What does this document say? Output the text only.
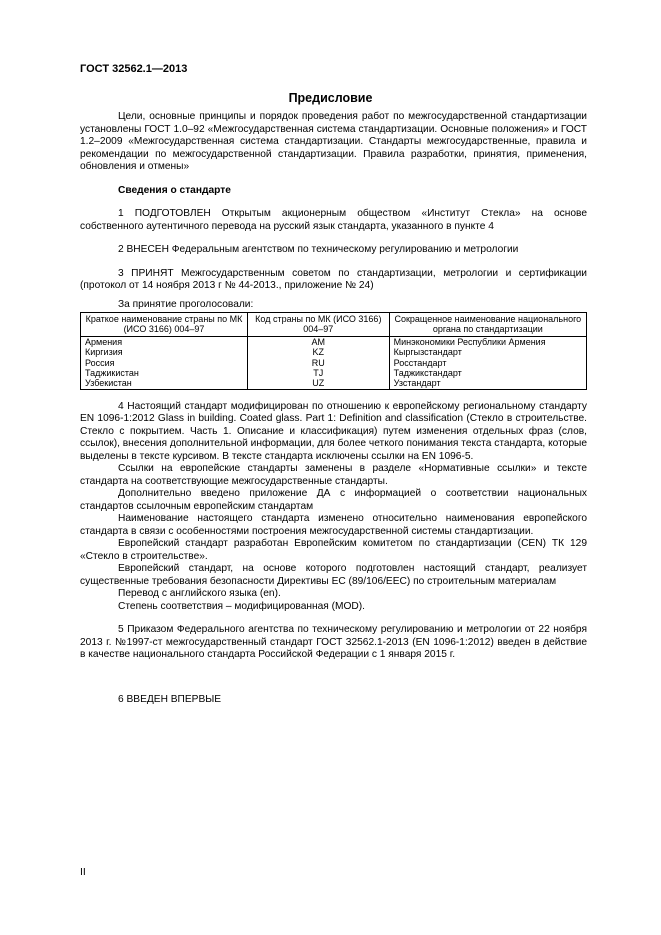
ГОСТ 32562.1—2013
Предисловие

Цели, основные принципы и порядок проведения работ по межгосударственной стандартизации установлены ГОСТ 1.0–92 «Межгосударственная система стандартизации. Основные положения» и ГОСТ 1.2–2009 «Межгосударственная система стандартизации. Стандарты межгосударственные, правила и рекомендации по межгосударственной стандартизации. Правила разработки, принятия, применения, обновления и отмены»

Сведения о стандарте

1 ПОДГОТОВЛЕН Открытым акционерным обществом «Институт Стекла» на основе собственного аутентичного перевода на русский язык стандарта, указанного в пункте 4

2 ВНЕСЕН Федеральным агентством по техническому регулированию и метрологии

3 ПРИНЯТ Межгосударственным советом по стандартизации, метрологии и сертификации (протокол от 14 ноября 2013 г № 44-2013., приложение № 24)

За принятие проголосовали:
Краткое наименование страны по МК (ИСО 3166) 004–97	Код страны по МК (ИСО 3166) 004–97	Сокращенное наименование национального органа по стандартизации
Армения	AM	Минэкономики Республики Армения
Киргизия	KZ	Кыргызстандарт
Россия	RU	Росстандарт
Таджикистан	TJ	Таджикстандарт
Узбекистан	UZ	Узстандарт

4 Настоящий стандарт модифицирован по отношению к европейскому региональному стандарту EN 1096-1:2012 Glass in building. Coated glass. Part 1: Definition and classification (Стекло в строительстве. Стекло с покрытием. Часть 1. Описание и классификация) путем изменения отдельных фраз (слов, ссылок), внесения дополнительной информации, для более четкого понимания текста стандарта, которые выделены в тексте курсивом. В тексте стандарта исключены ссылки на EN 1096-5.

Ссылки на европейские стандарты заменены в разделе «Нормативные ссылки» и тексте стандарта на соответствующие межгосударственные стандарты.

Дополнительно введено приложение ДА с информацией о соответствии национальных стандартов ссылочным европейским стандартам

Наименование настоящего стандарта изменено относительно наименования европейского стандарта в связи с особенностями построения межгосударственной системы стандартизации.

Европейский стандарт разработан Европейским комитетом по стандартизации (CEN) ТК 129 «Стекло в строительстве».

Европейский стандарт, на основе которого подготовлен настоящий стандарт, реализует существенные требования безопасности Директивы ЕС (89/106/EEC) по строительным материалам

Перевод с английского языка (en).

Степень соответствия – модифицированная (MOD).

5 Приказом Федерального агентства по техническому регулированию и метрологии от 22 ноября 2013 г. №1997-ст межгосударственный стандарт ГОСТ 32562.1-2013 (EN 1096-1:2012) введен в действие в качестве национального стандарта Российской Федерации с 1 января 2015 г.

6 ВВЕДЕН ВПЕРВЫЕ

II
